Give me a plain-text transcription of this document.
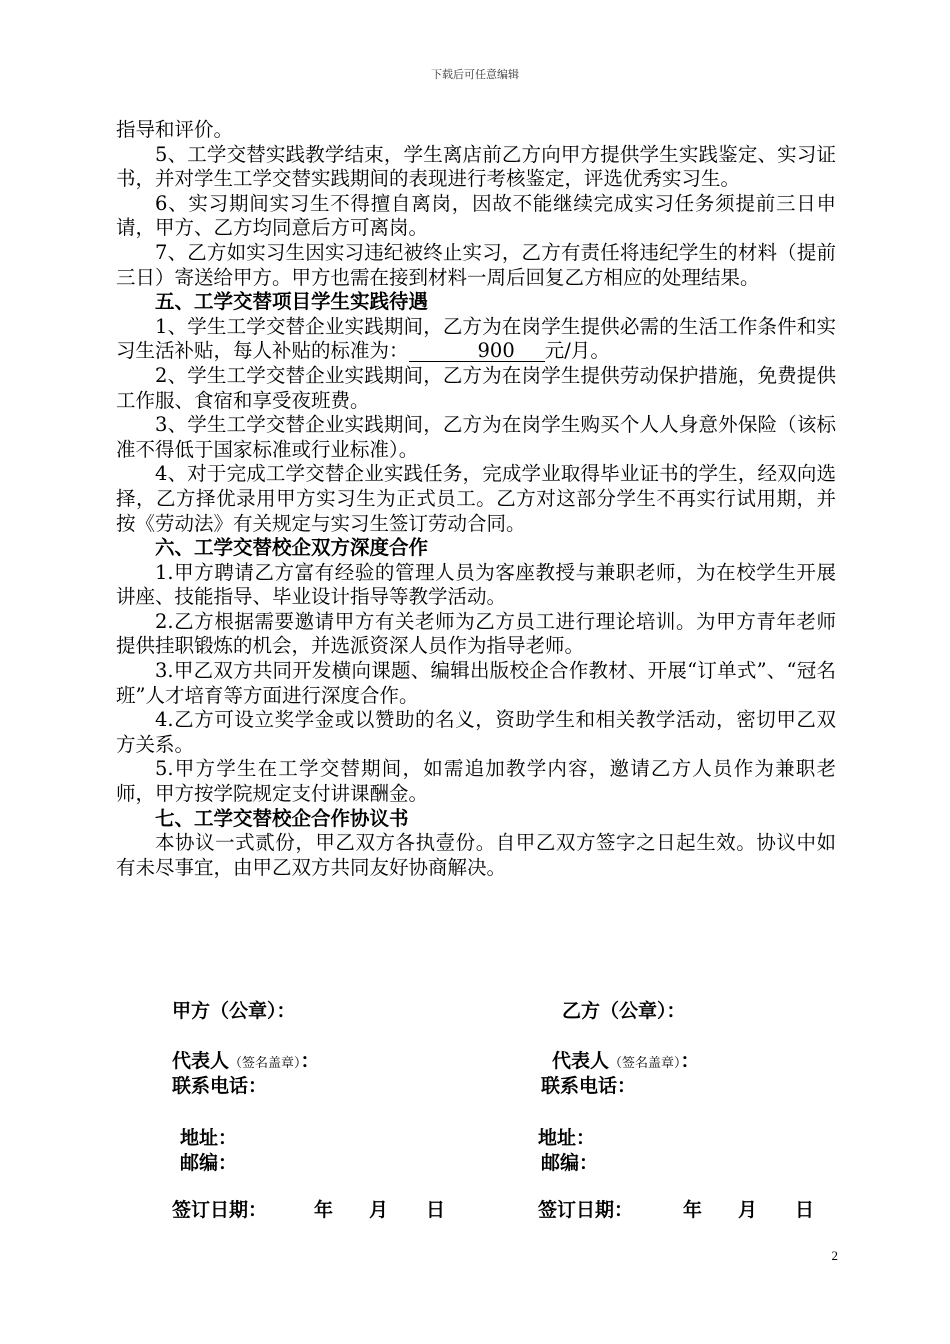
下载后可任意编辑

指导和评价。

5、工学交替实践教学结束，学生离店前乙方向甲方提供学生实践鉴定、实习证书，并对学生工学交替实践期间的表现进行考核鉴定，评选优秀实习生。

6、实习期间实习生不得擅自离岗，因故不能继续完成实习任务须提前三日申请，甲方、乙方均同意后方可离岗。

7、乙方如实习生因实习违纪被终止实习，乙方有责任将违纪学生的材料（提前三日）寄送给甲方。甲方也需在接到材料一周后回复乙方相应的处理结果。

五、工学交替项目学生实践待遇

1、学生工学交替企业实践期间，乙方为在岗学生提供必需的生活工作条件和实习生活补贴，每人补贴的标准为：	900 元/月。

2、学生工学交替企业实践期间，乙方为在岗学生提供劳动保护措施，免费提供工作服、食宿和享受夜班费。

3、学生工学交替企业实践期间，乙方为在岗学生购买个人人身意外保险（该标准不得低于国家标准或行业标准）。

4、对于完成工学交替企业实践任务，完成学业取得毕业证书的学生，经双向选择，乙方择优录用甲方实习生为正式员工。乙方对这部分学生不再实行试用期，并按《劳动法》有关规定与实习生签订劳动合同。

六、工学交替校企双方深度合作

1.甲方聘请乙方富有经验的管理人员为客座教授与兼职老师，为在校学生开展讲座、技能指导、毕业设计指导等教学活动。

2.乙方根据需要邀请甲方有关老师为乙方员工进行理论培训。为甲方青年老师提供挂职锻炼的机会，并选派资深人员作为指导老师。

3.甲乙双方共同开发横向课题、编辑出版校企合作教材、开展“订单式”、“冠名班”人才培育等方面进行深度合作。

4.乙方可设立奖学金或以赞助的名义，资助学生和相关教学活动，密切甲乙双方关系。

5.甲方学生在工学交替期间，如需追加教学内容，邀请乙方人员作为兼职老师，甲方按学院规定支付讲课酬金。

七、工学交替校企合作协议书

本协议一式贰份，甲乙双方各执壹份。自甲乙双方签字之日起生效。协议中如有未尽事宜，由甲乙双方共同友好协商解决。

甲方（公章）：
代表人（签名盖章）：
联系电话：
地址：
邮编：
签订日期： 年 月 日
乙方（公章）：
代表人（签名盖章）：
联系电话：
地址：
邮编：
签订日期：	年 月 日
2
